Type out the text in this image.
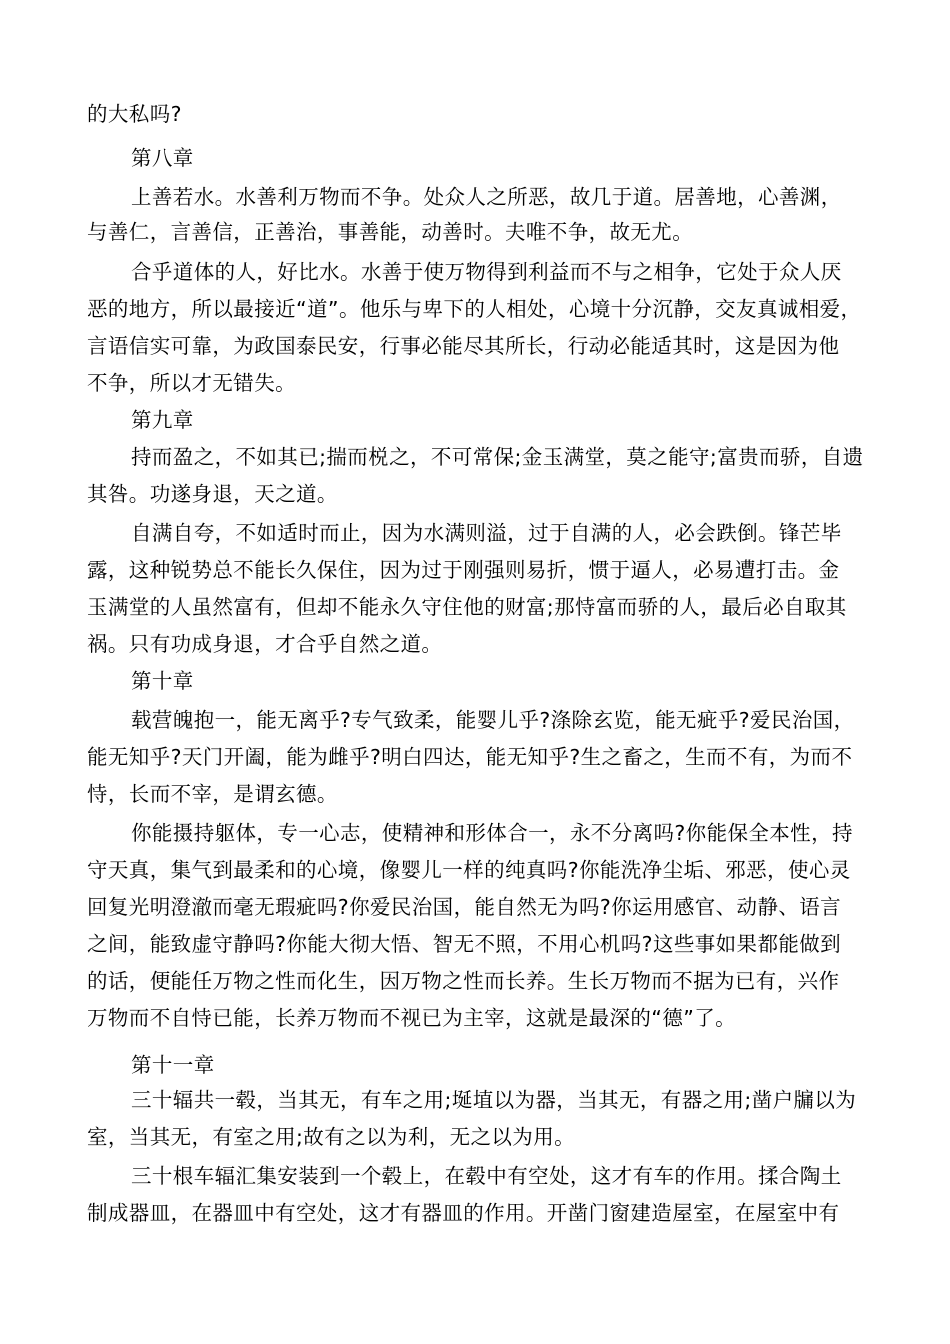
的大私吗?
第八章
上善若水。水善利万物而不争。处众人之所恶，故几于道。居善地，心善渊，
与善仁，言善信，正善治，事善能，动善时。夫唯不争，故无尤。
合乎道体的人，好比水。水善于使万物得到利益而不与之相争，它处于众人厌
恶的地方，所以最接近“道”。他乐与卑下的人相处，心境十分沉静，交友真诚相爱，
言语信实可靠，为政国泰民安，行事必能尽其所长，行动必能适其时，这是因为他
不争，所以才无错失。
第九章
持而盈之，不如其已;揣而棁之，不可常保;金玉满堂，莫之能守;富贵而骄，自遗
其咎。功遂身退，天之道。
自满自夸，不如适时而止，因为水满则溢，过于自满的人，必会跌倒。锋芒毕
露，这种锐势总不能长久保住，因为过于刚强则易折，惯于逼人，必易遭打击。金
玉满堂的人虽然富有，但却不能永久守住他的财富;那恃富而骄的人，最后必自取其
祸。只有功成身退，才合乎自然之道。
第十章
载营魄抱一，能无离乎?专气致柔，能婴儿乎?涤除玄览，能无疵乎?爱民治国，
能无知乎?天门开阖，能为雌乎?明白四达，能无知乎?生之畜之，生而不有，为而不
恃，长而不宰，是谓玄德。
你能摄持躯体，专一心志，使精神和形体合一，永不分离吗?你能保全本性，持
守天真，集气到最柔和的心境，像婴儿一样的纯真吗?你能洗净尘垢、邪恶，使心灵
回复光明澄澈而毫无瑕疵吗?你爱民治国，能自然无为吗?你运用感官、动静、语言
之间，能致虚守静吗?你能大彻大悟、智无不照，不用心机吗?这些事如果都能做到
的话，便能任万物之性而化生，因万物之性而长养。生长万物而不据为已有，兴作
万物而不自恃已能，长养万物而不视已为主宰，这就是最深的“德”了。
第十一章
三十辐共一毂，当其无，有车之用;埏埴以为器，当其无，有器之用;凿户牖以为
室，当其无，有室之用;故有之以为利，无之以为用。
三十根车辐汇集安装到一个毂上，在毂中有空处，这才有车的作用。揉合陶土
制成器皿，在器皿中有空处，这才有器皿的作用。开凿门窗建造屋室，在屋室中有
